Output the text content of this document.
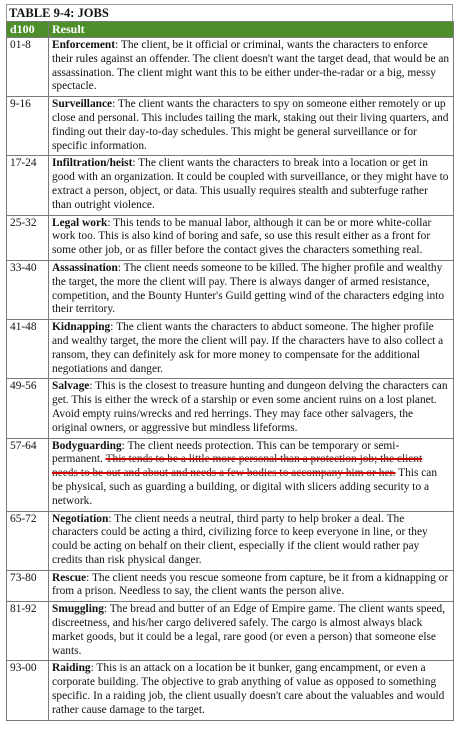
TABLE 9-4: JOBS
d100	Result
01-8	Enforcement: The client, be it official or criminal, wants the characters to enforce their rules against an offender. The client doesn't want the target dead, that would be an assassination. The client might want this to be either under-the-radar or a big, messy spectacle.
9-16	Surveillance: The client wants the characters to spy on someone either remotely or up close and personal. This includes tailing the mark, staking out their living quarters, and finding out their day-to-day schedules. This might be general surveillance or for specific information.
17-24	Infiltration/heist: The client wants the characters to break into a location or get in good with an organization. It could be coupled with surveillance, or they might have to extract a person, object, or data. This usually requires stealth and subterfuge rather than outright violence.
25-32	Legal work: This tends to be manual labor, although it can be or more white-collar work too. This is also kind of boring and safe, so use this result either as a front for some other job, or as filler before the contact gives the characters something real.
33-40	Assassination: The client needs someone to be killed. The higher profile and wealthy the target, the more the client will pay. There is always danger of armed resistance, competition, and the Bounty Hunter's Guild getting wind of the characters edging into their territory.
41-48	Kidnapping: The client wants the characters to abduct someone. The higher profile and wealthy target, the more the client will pay. If the characters have to also collect a ransom, they can definitely ask for more money to compensate for the additional negotiations and danger.
49-56	Salvage: This is the closest to treasure hunting and dungeon delving the characters can get. This is either the wreck of a starship or even some ancient ruins on a lost planet. Avoid empty ruins/wrecks and red herrings. They may face other salvagers, the original owners, or aggressive but mindless lifeforms.
57-64	Bodyguarding: The client needs protection. This can be temporary or semi-permanent. This tends to be a little more personal than a protection job; the client needs to be out and about and needs a few bodies to accompany him or her. This can be physical, such as guarding a building, or digital with slicers adding security to a network.
65-72	Negotiation: The client needs a neutral, third party to help broker a deal. The characters could be acting a third, civilizing force to keep everyone in line, or they could be acting on behalf on their client, especially if the client would rather pay credits than risk physical danger.
73-80	Rescue: The client needs you rescue someone from capture, be it from a kidnapping or from a prison. Needless to say, the client wants the person alive.
81-92	Smuggling: The bread and butter of an Edge of Empire game. The client wants speed, discreetness, and his/her cargo delivered safely. The cargo is almost always black market goods, but it could be a legal, rare good (or even a person) that someone else wants.
93-00	Raiding: This is an attack on a location be it bunker, gang encampment, or even a corporate building. The objective to grab anything of value as opposed to something specific. In a raiding job, the client usually doesn't care about the valuables and would rather cause damage to the target.
